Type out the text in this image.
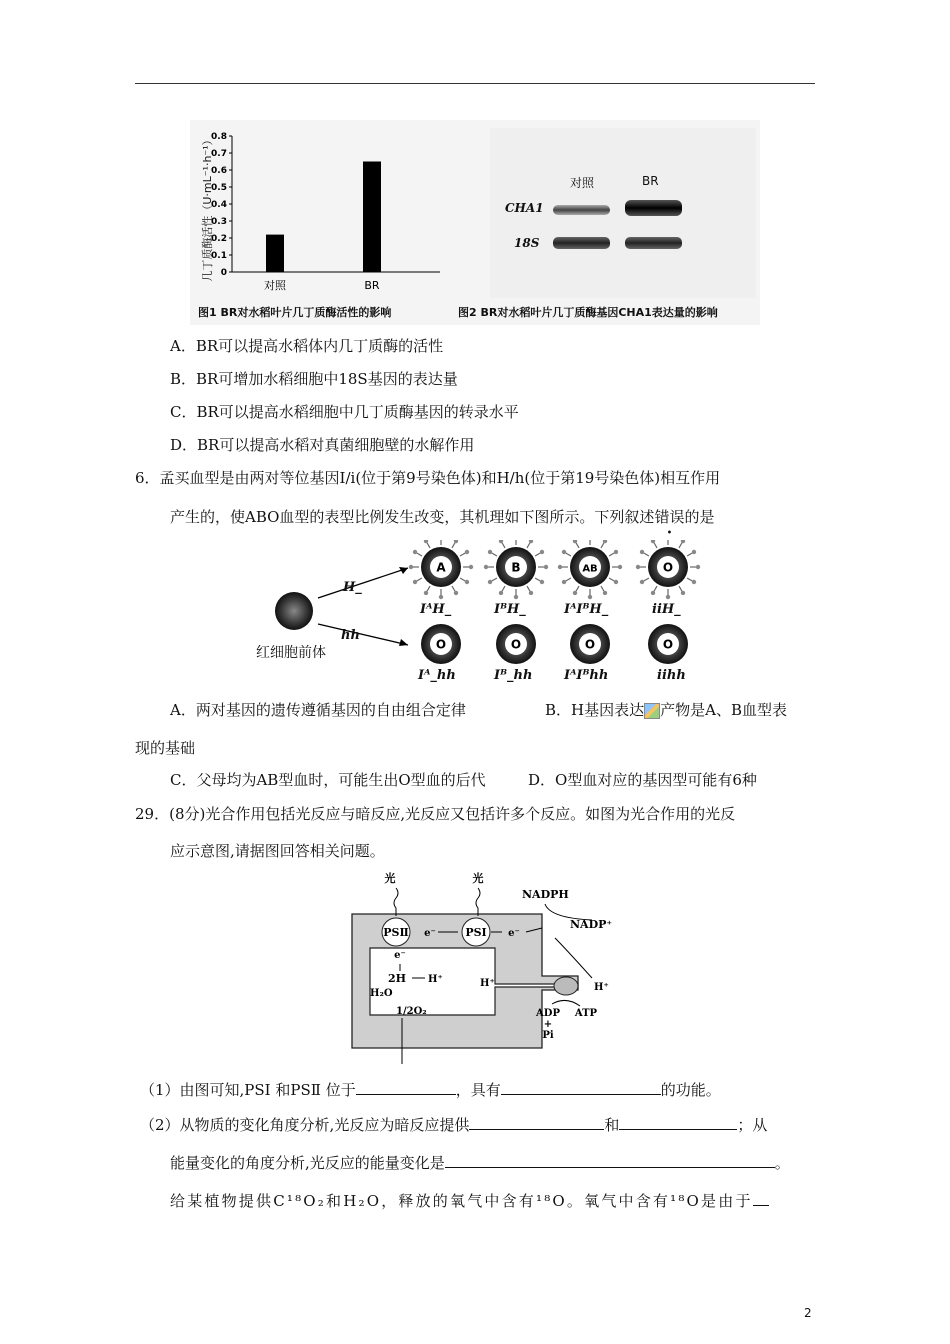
0
0.1
0.2
0.3
0.4
0.5
0.6
0.7
0.8
对照	BR
几丁质酶活性（U·mL⁻¹·h⁻¹）
图1 BR对水稻叶片几丁质酶活性的影响
对照	BR
CHA1
18S
图2 BR对水稻叶片几丁质酶基因CHA1表达量的影响
A．BR可以提高水稻体内几丁质酶的活性
B．BR可增加水稻细胞中18S基因的表达量
C．BR可以提高水稻细胞中几丁质酶基因的转录水平
D．BR可以提高水稻对真菌细胞壁的水解作用
6．孟买血型是由两对等位基因I/i(位于第9号染色体)和H/h(位于第19号染色体)相互作用
产生的，使ABO血型的表型比例发生改变，其机理如下图所示。下列叙述错误的是
A	B	AB	O
O	O	O	O
红细胞前体
H_
hh
IᴬH_	IᴮH_	IᴬIᴮH_	iiH_
Iᴬ_hh	Iᴮ_hh IᴬIᴮhh	iihh
A．两对基因的遗传遵循基因的自由组合定律	B．H基因表达 产物是A、B血型表
现的基础
C．父母均为AB型血时，可能生出O型血的后代	D．O型血对应的基因型可能有6种
29．(8分)光合作用包括光反应与暗反应,光反应又包括许多个反应。如图为光合作用的光反
应示意图,请据图回答相关问题。
PSⅡ	PSⅠ
e⁻	e⁻
光	光
NADPH
NADP⁺
e⁻
2H H⁺	H⁺	H⁺
H₂O
1/2O₂	ADP
+
Pi
ATP
（1）由图可知,PSⅠ 和PSⅡ 位于	，具有	的功能。
（2）从物质的变化角度分析,光反应为暗反应提供	和	；从
能量变化的角度分析,光反应的能量变化是	。
给某植物提供C¹⁸O₂和H₂O，释放的氧气中含有¹⁸O。氧气中含有¹⁸O是由于
2
